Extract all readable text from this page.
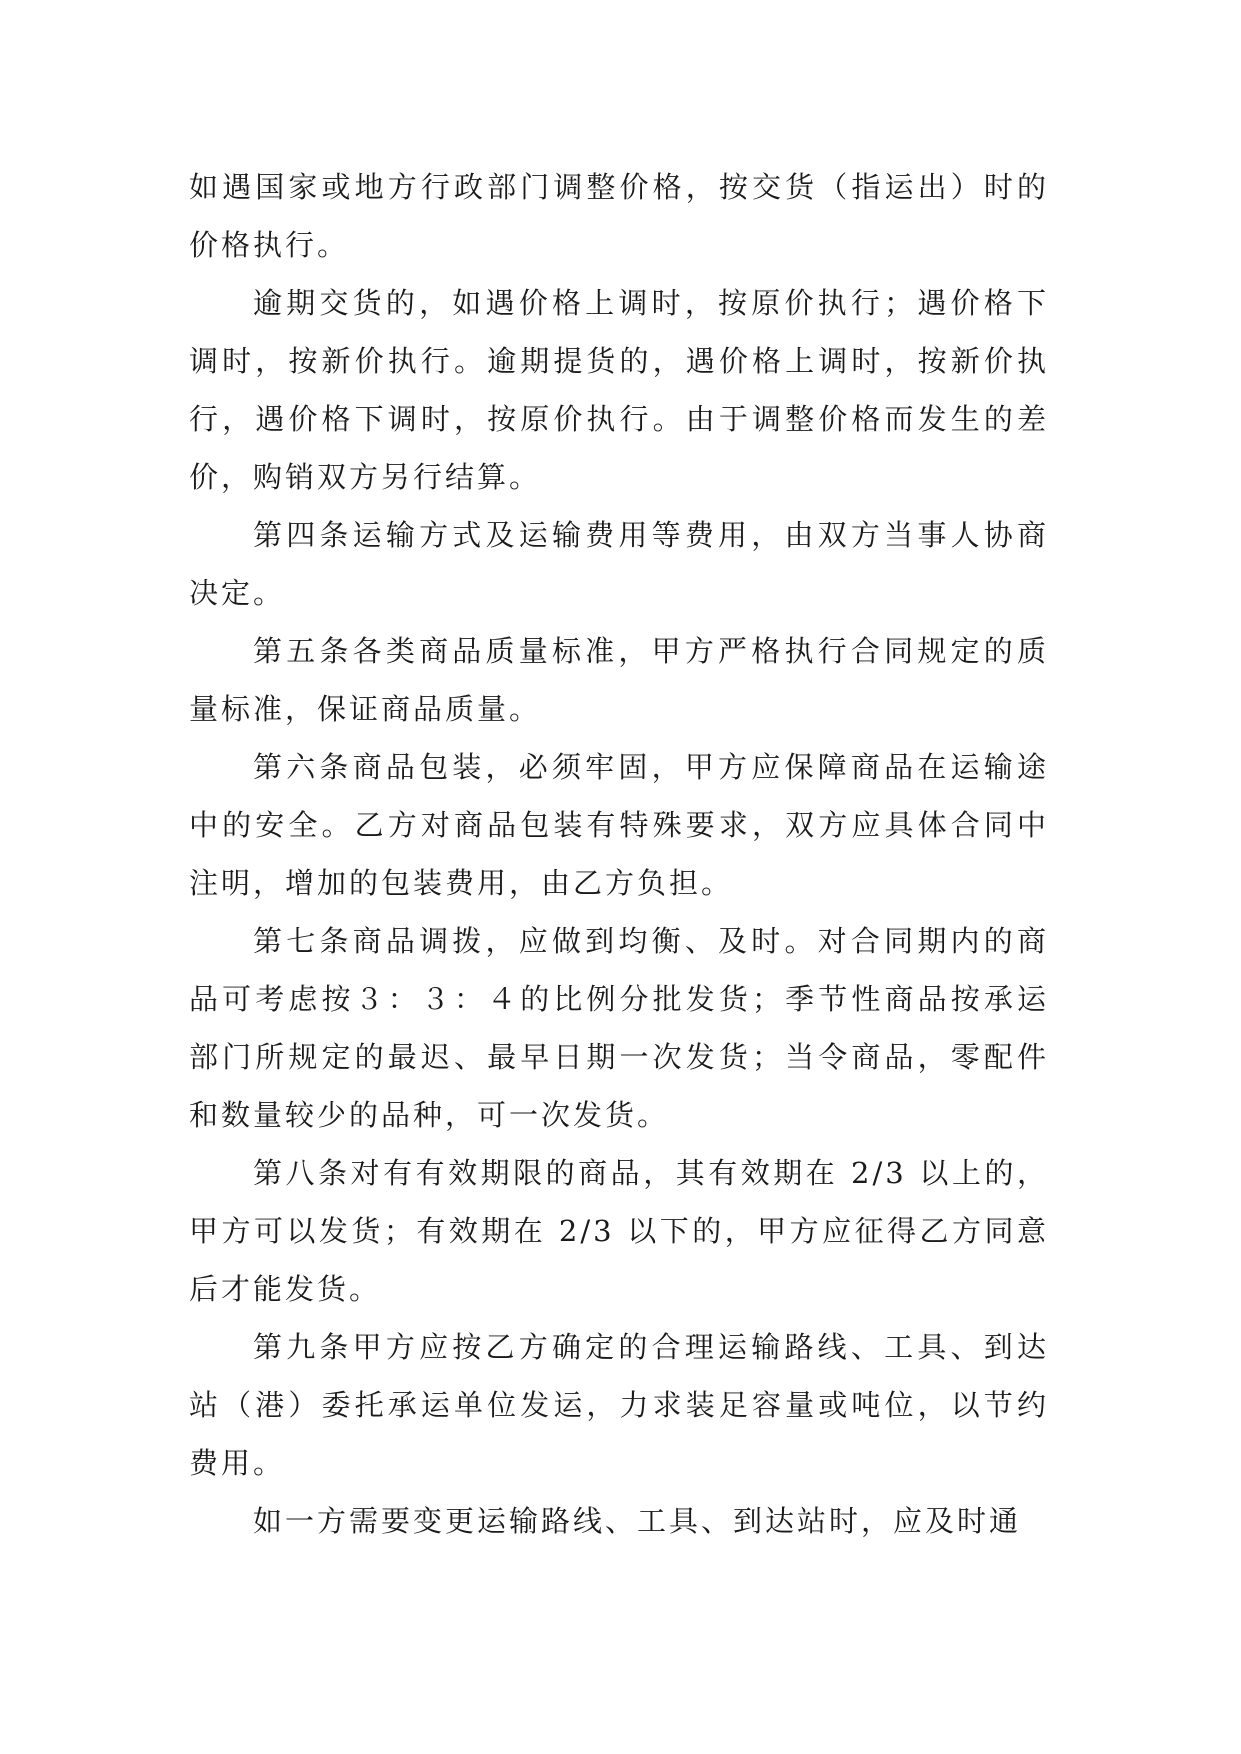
如遇国家或地方行政部门调整价格，按交货（指运出）时的价格执行。

逾期交货的，如遇价格上调时，按原价执行；遇价格下调时，按新价执行。逾期提货的，遇价格上调时，按新价执行，遇价格下调时，按原价执行。由于调整价格而发生的差价，购销双方另行结算。

第四条运输方式及运输费用等费用，由双方当事人协商决定。

第五条各类商品质量标准，甲方严格执行合同规定的质量标准，保证商品质量。

第六条商品包装，必须牢固，甲方应保障商品在运输途中的安全。乙方对商品包装有特殊要求，双方应具体合同中注明，增加的包装费用，由乙方负担。

第七条商品调拨，应做到均衡、及时。对合同期内的商品可考虑按３：３：４的比例分批发货；季节性商品按承运部门所规定的最迟、最早日期一次发货；当令商品，零配件和数量较少的品种，可一次发货。

第八条对有有效期限的商品，其有效期在 2/3 以上的，甲方可以发货；有效期在 2/3 以下的，甲方应征得乙方同意后才能发货。

第九条甲方应按乙方确定的合理运输路线、工具、到达站（港）委托承运单位发运，力求装足容量或吨位，以节约费用。

如一方需要变更运输路线、工具、到达站时，应及时通
